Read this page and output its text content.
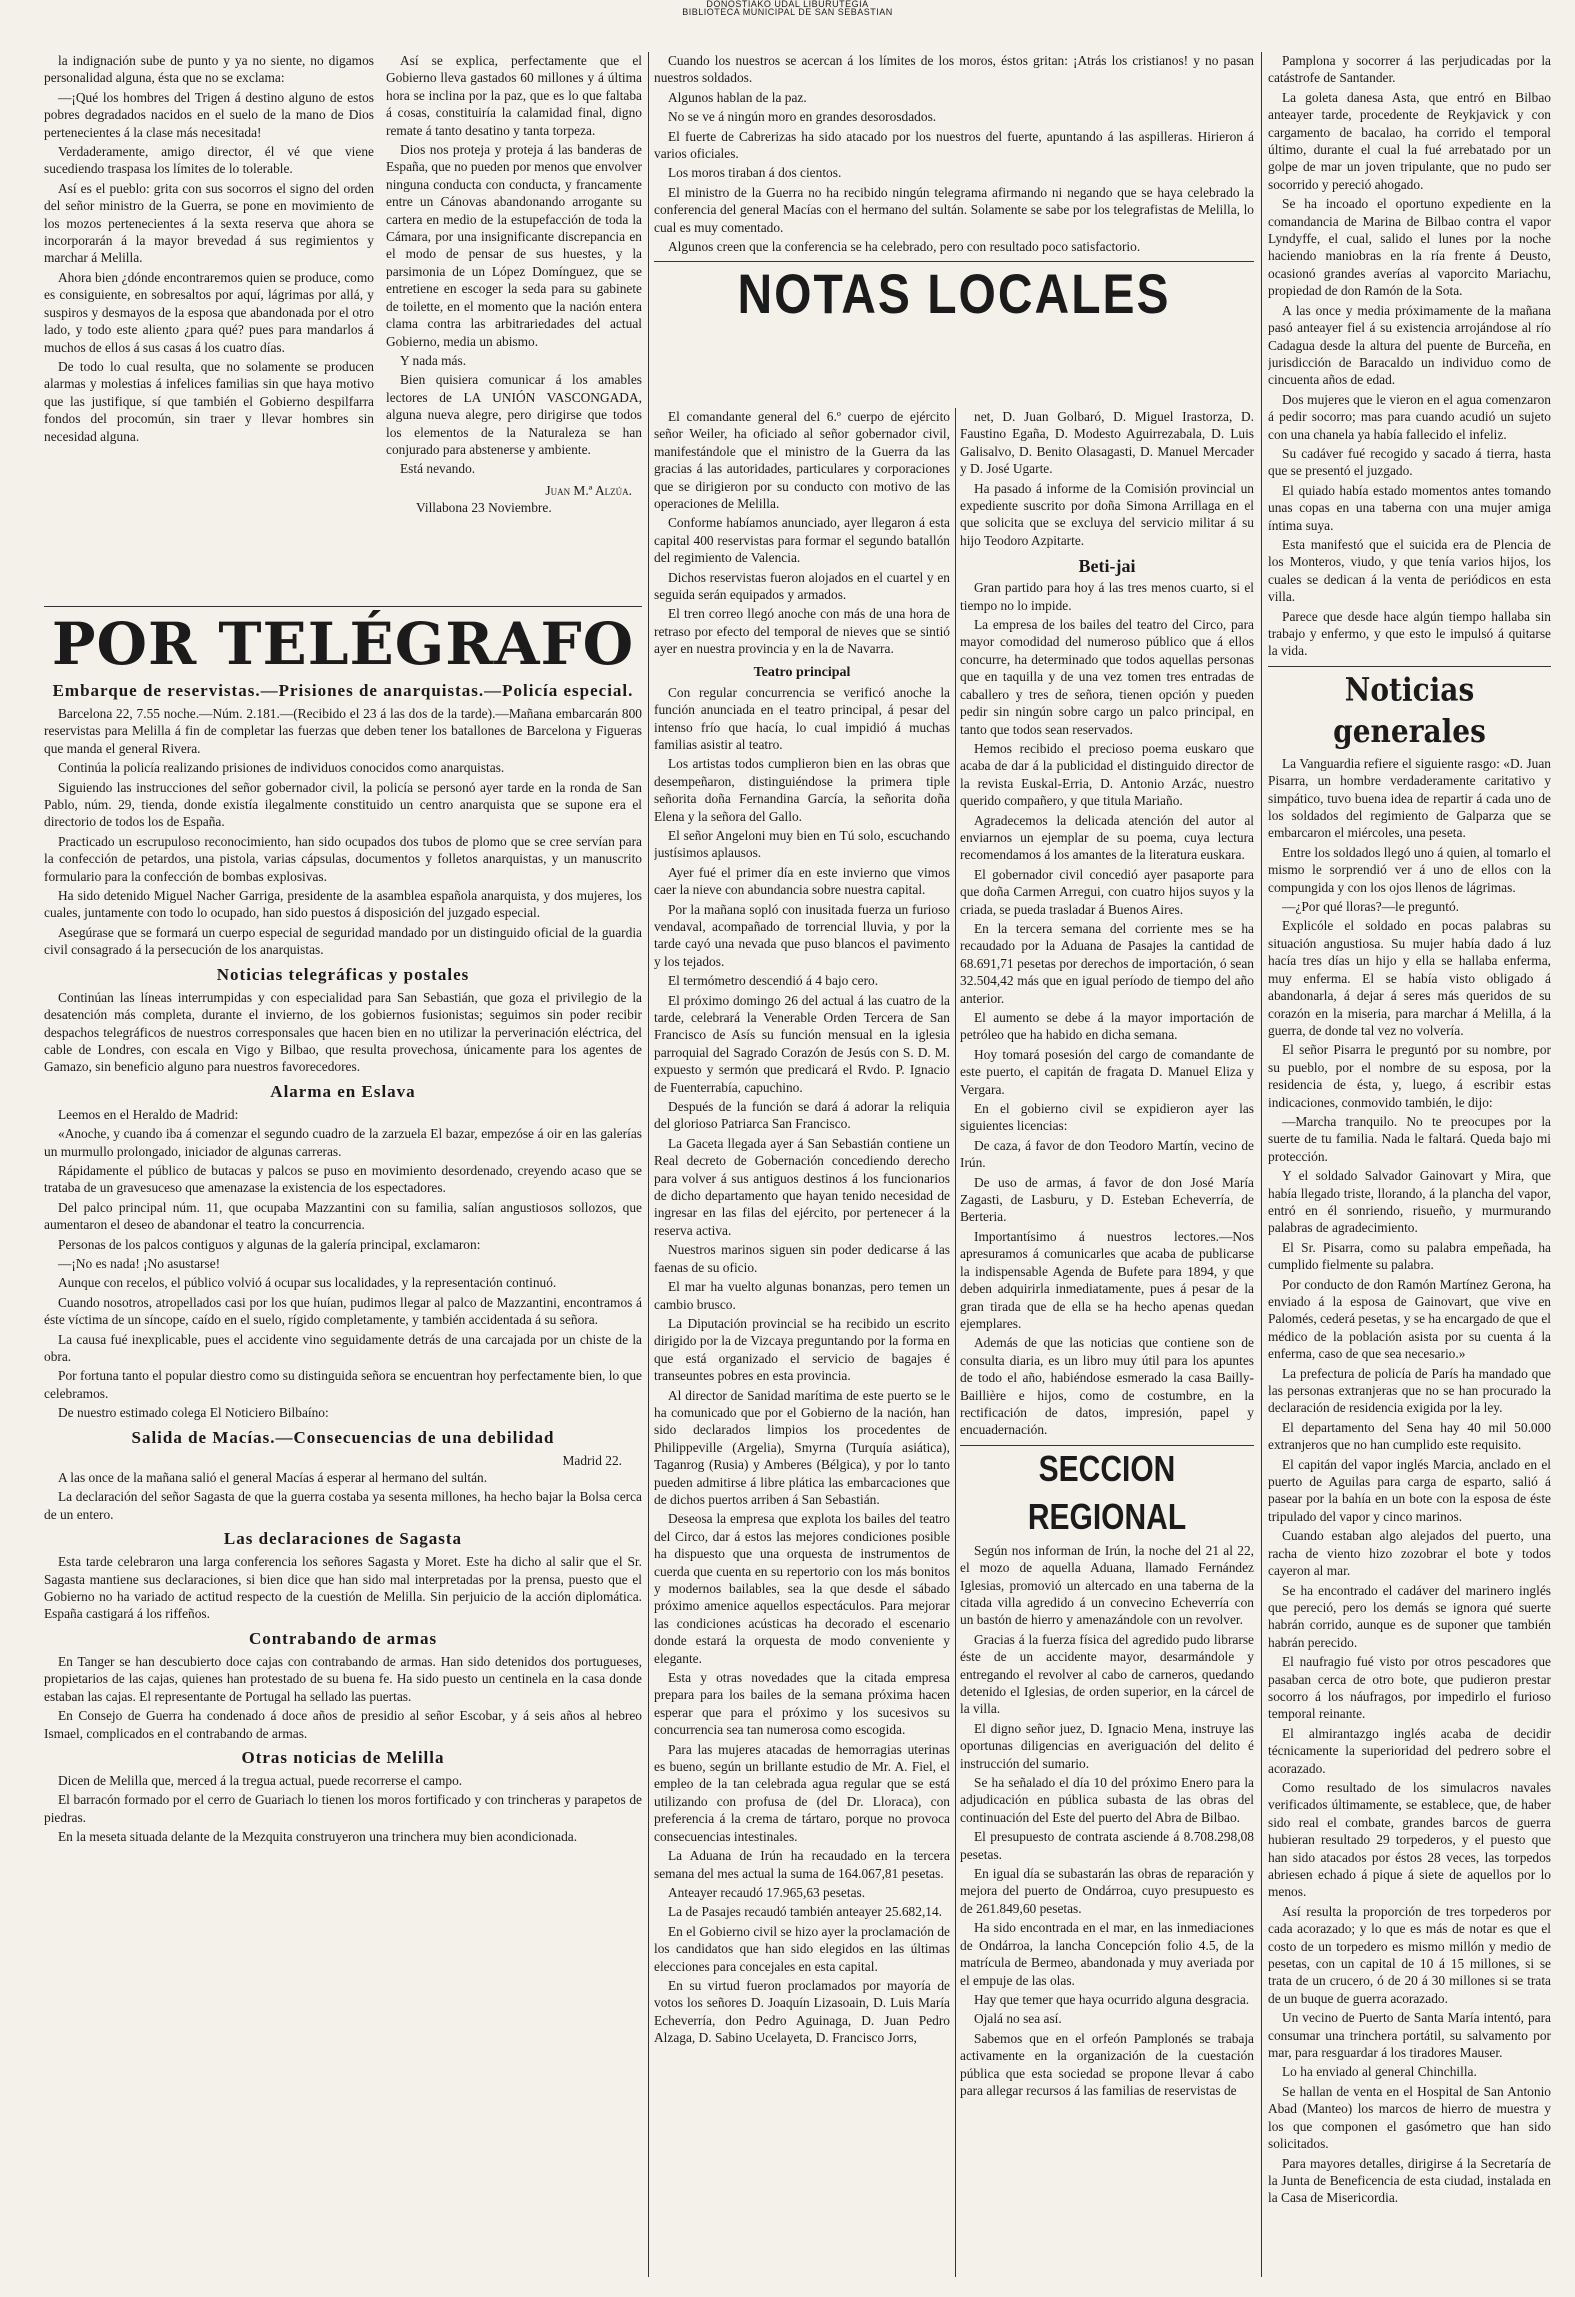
DONOSTIAKO UDAL LIBURUTEGIA
BIBLIOTECA MUNICIPAL DE SAN SEBASTIAN

la indignación sube de punto y ya no siente, no digamos personalidad alguna, ésta que no se exclama:

—¡Qué los hombres del Trigen á destino alguno de estos pobres degradados nacidos en el suelo de la mano de Dios pertenecientes á la clase más necesitada!

Verdaderamente, amigo director, él vé que viene sucediendo traspasa los límites de lo tolerable.

Así es el pueblo: grita con sus socorros el signo del orden del señor ministro de la Guerra, se pone en movimiento de los mozos pertenecientes á la sexta reserva que ahora se incorporarán á la mayor brevedad á sus regimientos y marchar á Melilla.

Ahora bien ¿dónde encontraremos quien se produce, como es consiguiente, en sobresaltos por aquí, lágrimas por allá, y suspiros y desmayos de la esposa que abandonada por el otro lado, y todo este aliento ¿para qué? pues para mandarlos á muchos de ellos á sus casas á los cuatro días.

De todo lo cual resulta, que no solamente se producen alarmas y molestias á infelices familias sin que haya motivo que las justifique, sí que también el Gobierno despilfarra fondos del procomún, sin traer y llevar hombres sin necesidad alguna.

Así se explica, perfectamente que el Gobierno lleva gastados 60 millones y á última hora se inclina por la paz, que es lo que faltaba á cosas, constituiría la calamidad final, digno remate á tanto desatino y tanta torpeza.

Dios nos proteja y proteja á las banderas de España, que no pueden por menos que envolver ninguna conducta con conducta, y francamente entre un Cánovas abandonando arrogante su cartera en medio de la estupefacción de toda la Cámara, por una insignificante discrepancia en el modo de pensar de sus huestes, y la parsimonia de un López Domínguez, que se entretiene en escoger la seda para su gabinete de toilette, en el momento que la nación entera clama contra las arbitrariedades del actual Gobierno, media un abismo.

Y nada más.

Bien quisiera comunicar á los amables lectores de LA UNIÓN VASCONGADA, alguna nueva alegre, pero dirigirse que todos los elementos de la Naturaleza se han conjurado para abstenerse y ambiente.

Está nevando.

Juan M.ª Alzúa.
Villabona 23 Noviembre.
POR TELÉGRAFO
Embarque de reservistas.—Prisiones de anarquistas.—Policía especial.

Barcelona 22, 7.55 noche.—Núm. 2.181.—(Recibido el 23 á las dos de la tarde).—Mañana embarcarán 800 reservistas para Melilla á fin de completar las fuerzas que deben tener los batallones de Barcelona y Figueras que manda el general Rivera.

Continúa la policía realizando prisiones de individuos conocidos como anarquistas.

Siguiendo las instrucciones del señor gobernador civil, la policía se personó ayer tarde en la ronda de San Pablo, núm. 29, tienda, donde existía ilegalmente constituido un centro anarquista que se supone era el directorio de todos los de España.

Practicado un escrupuloso reconocimiento, han sido ocupados dos tubos de plomo que se cree servían para la confección de petardos, una pistola, varias cápsulas, documentos y folletos anarquistas, y un manuscrito formulario para la confección de bombas explosivas.

Ha sido detenido Miguel Nacher Garriga, presidente de la asamblea española anarquista, y dos mujeres, los cuales, juntamente con todo lo ocupado, han sido puestos á disposición del juzgado especial.

Asegúrase que se formará un cuerpo especial de seguridad mandado por un distinguido oficial de la guardia civil consagrado á la persecución de los anarquistas.

Noticias telegráficas y postales

Continúan las líneas interrumpidas y con especialidad para San Sebastián, que goza el privilegio de la desatención más completa, durante el invierno, de los gobiernos fusionistas; seguimos sin poder recibir despachos telegráficos de nuestros corresponsales que hacen bien en no utilizar la perverinación eléctrica, del cable de Londres, con escala en Vigo y Bilbao, que resulta provechosa, únicamente para los agentes de Gamazo, sin beneficio alguno para nuestros favorecedores.

Alarma en Eslava

Leemos en el Heraldo de Madrid:

«Anoche, y cuando iba á comenzar el segundo cuadro de la zarzuela El bazar, empezóse á oir en las galerías un murmullo prolongado, iniciador de algunas carreras.

Rápidamente el público de butacas y palcos se puso en movimiento desordenado, creyendo acaso que se trataba de un gravesuceso que amenazase la existencia de los espectadores.

Del palco principal núm. 11, que ocupaba Mazzantini con su familia, salían angustiosos sollozos, que aumentaron el deseo de abandonar el teatro la concurrencia.

Personas de los palcos contiguos y algunas de la galería principal, exclamaron:

—¡No es nada! ¡No asustarse!

Aunque con recelos, el público volvió á ocupar sus localidades, y la representación continuó.

Cuando nosotros, atropellados casi por los que huían, pudimos llegar al palco de Mazzantini, encontramos á éste víctima de un síncope, caído en el suelo, rígido completamente, y también accidentada á su señora.

La causa fué inexplicable, pues el accidente vino seguidamente detrás de una carcajada por un chiste de la obra.

Por fortuna tanto el popular diestro como su distinguida señora se encuentran hoy perfectamente bien, lo que celebramos.

De nuestro estimado colega El Noticiero Bilbaíno:

Salida de Macías.—Consecuencias de una debilidad
Madrid 22.

A las once de la mañana salió el general Macías á esperar al hermano del sultán.

La declaración del señor Sagasta de que la guerra costaba ya sesenta millones, ha hecho bajar la Bolsa cerca de un entero.

Las declaraciones de Sagasta

Esta tarde celebraron una larga conferencia los señores Sagasta y Moret. Este ha dicho al salir que el Sr. Sagasta mantiene sus declaraciones, si bien dice que han sido mal interpretadas por la prensa, puesto que el Gobierno no ha variado de actitud respecto de la cuestión de Melilla. Sin perjuicio de la acción diplomática. España castigará á los riffeños.

Contrabando de armas

En Tanger se han descubierto doce cajas con contrabando de armas. Han sido detenidos dos portugueses, propietarios de las cajas, quienes han protestado de su buena fe. Ha sido puesto un centinela en la casa donde estaban las cajas. El representante de Portugal ha sellado las puertas.

En Consejo de Guerra ha condenado á doce años de presidio al señor Escobar, y á seis años al hebreo Ismael, complicados en el contrabando de armas.

Otras noticias de Melilla

Dicen de Melilla que, merced á la tregua actual, puede recorrerse el campo.

El barracón formado por el cerro de Guariach lo tienen los moros fortificado y con trincheras y parapetos de piedras.

En la meseta situada delante de la Mezquita construyeron una trinchera muy bien acondicionada.

Cuando los nuestros se acercan á los límites de los moros, éstos gritan: ¡Atrás los cristianos! y no pasan nuestros soldados.

Algunos hablan de la paz.

No se ve á ningún moro en grandes desorosdados.

El fuerte de Cabrerizas ha sido atacado por los nuestros del fuerte, apuntando á las aspilleras. Hirieron á varios oficiales.

Los moros tiraban á dos cientos.

El ministro de la Guerra no ha recibido ningún telegrama afirmando ni negando que se haya celebrado la conferencia del general Macías con el hermano del sultán. Solamente se sabe por los telegrafistas de Melilla, lo cual es muy comentado.

Algunos creen que la conferencia se ha celebrado, pero con resultado poco satisfactorio.

NOTAS LOCALES

El comandante general del 6.º cuerpo de ejército señor Weiler, ha oficiado al señor gobernador civil, manifestándole que el ministro de la Guerra da las gracias á las autoridades, particulares y corporaciones que se dirigieron por su conducto con motivo de las operaciones de Melilla.

Conforme habíamos anunciado, ayer llegaron á esta capital 400 reservistas para formar el segundo batallón del regimiento de Valencia.

Dichos reservistas fueron alojados en el cuartel y en seguida serán equipados y armados.

El tren correo llegó anoche con más de una hora de retraso por efecto del temporal de nieves que se sintió ayer en nuestra provincia y en la de Navarra.

Teatro principal

Con regular concurrencia se verificó anoche la función anunciada en el teatro principal, á pesar del intenso frío que hacía, lo cual impidió á muchas familias asistir al teatro.

Los artistas todos cumplieron bien en las obras que desempeñaron, distinguiéndose la primera tiple señorita doña Fernandina García, la señorita doña Elena y la señora del Gallo.

El señor Angeloni muy bien en Tú solo, escuchando justísimos aplausos.

Ayer fué el primer día en este invierno que vimos caer la nieve con abundancia sobre nuestra capital.

Por la mañana sopló con inusitada fuerza un furioso vendaval, acompañado de torrencial lluvia, y por la tarde cayó una nevada que puso blancos el pavimento y los tejados.

El termómetro descendió á 4 bajo cero.

El próximo domingo 26 del actual á las cuatro de la tarde, celebrará la Venerable Orden Tercera de San Francisco de Asís su función mensual en la iglesia parroquial del Sagrado Corazón de Jesús con S. D. M. expuesto y sermón que predicará el Rvdo. P. Ignacio de Fuenterrabía, capuchino.

Después de la función se dará á adorar la reliquia del glorioso Patriarca San Francisco.

La Gaceta llegada ayer á San Sebastián contiene un Real decreto de Gobernación concediendo derecho para volver á sus antiguos destinos á los funcionarios de dicho departamento que hayan tenido necesidad de ingresar en las filas del ejército, por pertenecer á la reserva activa.

Nuestros marinos siguen sin poder dedicarse á las faenas de su oficio.

El mar ha vuelto algunas bonanzas, pero temen un cambio brusco.

La Diputación provincial se ha recibido un escrito dirigido por la de Vizcaya preguntando por la forma en que está organizado el servicio de bagajes é transeuntes pobres en esta provincia.

Al director de Sanidad marítima de este puerto se le ha comunicado que por el Gobierno de la nación, han sido declarados limpios los procedentes de Philippeville (Argelia), Smyrna (Turquía asiática), Taganrog (Rusia) y Amberes (Bélgica), y por lo tanto pueden admitirse á libre plática las embarcaciones que de dichos puertos arriben á San Sebastián.

Deseosa la empresa que explota los bailes del teatro del Circo, dar á estos las mejores condiciones posible ha dispuesto que una orquesta de instrumentos de cuerda que cuenta en su repertorio con los más bonitos y modernos bailables, sea la que desde el sábado próximo amenice aquellos espectáculos. Para mejorar las condiciones acústicas ha decorado el escenario donde estará la orquesta de modo conveniente y elegante.

Esta y otras novedades que la citada empresa prepara para los bailes de la semana próxima hacen esperar que para el próximo y los sucesivos su concurrencia sea tan numerosa como escogida.

Para las mujeres atacadas de hemorragias uterinas es bueno, según un brillante estudio de Mr. A. Fiel, el empleo de la tan celebrada agua regular que se está utilizando con profusa de (del Dr. Lloraca), con preferencia á la crema de tártaro, porque no provoca consecuencias intestinales.

La Aduana de Irún ha recaudado en la tercera semana del mes actual la suma de 164.067,81 pesetas.

Anteayer recaudó 17.965,63 pesetas.

La de Pasajes recaudó también anteayer 25.682,14.

En el Gobierno civil se hizo ayer la proclamación de los candidatos que han sido elegidos en las últimas elecciones para concejales en esta capital.

En su virtud fueron proclamados por mayoría de votos los señores D. Joaquín Lizasoain, D. Luis María Echeverría, don Pedro Aguinaga, D. Juan Pedro Alzaga, D. Sabino Ucelayeta, D. Francisco Jorrs,

net, D. Juan Golbaró, D. Miguel Irastorza, D. Faustino Egaña, D. Modesto Aguirrezabala, D. Luis Galisalvo, D. Benito Olasagasti, D. Manuel Mercader y D. José Ugarte.

Ha pasado á informe de la Comisión provincial un expediente suscrito por doña Simona Arrillaga en el que solicita que se excluya del servicio militar á su hijo Teodoro Azpitarte.

Beti-jai

Gran partido para hoy á las tres menos cuarto, si el tiempo no lo impide.

La empresa de los bailes del teatro del Circo, para mayor comodidad del numeroso público que á ellos concurre, ha determinado que todos aquellas personas que en taquilla y de una vez tomen tres entradas de caballero y tres de señora, tienen opción y pueden pedir sin ningún sobre cargo un palco principal, en tanto que todos sean reservados.

Hemos recibido el precioso poema euskaro que acaba de dar á la publicidad el distinguido director de la revista Euskal-Erria, D. Antonio Arzác, nuestro querido compañero, y que titula Mariaño.

Agradecemos la delicada atención del autor al enviarnos un ejemplar de su poema, cuya lectura recomendamos á los amantes de la literatura euskara.

El gobernador civil concedió ayer pasaporte para que doña Carmen Arregui, con cuatro hijos suyos y la criada, se pueda trasladar á Buenos Aires.

En la tercera semana del corriente mes se ha recaudado por la Aduana de Pasajes la cantidad de 68.691,71 pesetas por derechos de importación, ó sean 32.504,42 más que en igual período de tiempo del año anterior.

El aumento se debe á la mayor importación de petróleo que ha habido en dicha semana.

Hoy tomará posesión del cargo de comandante de este puerto, el capitán de fragata D. Manuel Eliza y Vergara.

En el gobierno civil se expidieron ayer las siguientes licencias:

De caza, á favor de don Teodoro Martín, vecino de Irún.

De uso de armas, á favor de don José María Zagasti, de Lasburu, y D. Esteban Echeverría, de Berteria.

Importantísimo á nuestros lectores.—Nos apresuramos á comunicarles que acaba de publicarse la indispensable Agenda de Bufete para 1894, y que deben adquirirla inmediatamente, pues á pesar de la gran tirada que de ella se ha hecho apenas quedan ejemplares.

Además de que las noticias que contiene son de consulta diaria, es un libro muy útil para los apuntes de todo el año, habiéndose esmerado la casa Bailly-Baillière e hijos, como de costumbre, en la rectificación de datos, impresión, papel y encuadernación.

SECCION REGIONAL

Según nos informan de Irún, la noche del 21 al 22, el mozo de aquella Aduana, llamado Fernández Iglesias, promovió un altercado en una taberna de la citada villa agredido á un convecino Echeverría con un bastón de hierro y amenazándole con un revolver.

Gracias á la fuerza física del agredido pudo librarse éste de un accidente mayor, desarmándole y entregando el revolver al cabo de carneros, quedando detenido el Iglesias, de orden superior, en la cárcel de la villa.

El digno señor juez, D. Ignacio Mena, instruye las oportunas diligencias en averiguación del delito é instrucción del sumario.

Se ha señalado el día 10 del próximo Enero para la adjudicación en pública subasta de las obras del continuación del Este del puerto del Abra de Bilbao.

El presupuesto de contrata asciende á 8.708.298,08 pesetas.

En igual día se subastarán las obras de reparación y mejora del puerto de Ondárroa, cuyo presupuesto es de 261.849,60 pesetas.

Ha sido encontrada en el mar, en las inmediaciones de Ondárroa, la lancha Concepción folio 4.5, de la matrícula de Bermeo, abandonada y muy averiada por el empuje de las olas.

Hay que temer que haya ocurrido alguna desgracia.

Ojalá no sea así.

Sabemos que en el orfeón Pamplonés se trabaja activamente en la organización de la cuestación pública que esta sociedad se propone llevar á cabo para allegar recursos á las familias de reservistas de

Pamplona y socorrer á las perjudicadas por la catástrofe de Santander.

La goleta danesa Asta, que entró en Bilbao anteayer tarde, procedente de Reykjavick y con cargamento de bacalao, ha corrido el temporal último, durante el cual la fué arrebatado por un golpe de mar un joven tripulante, que no pudo ser socorrido y pereció ahogado.

Se ha incoado el oportuno expediente en la comandancia de Marina de Bilbao contra el vapor Lyndyffe, el cual, salido el lunes por la noche haciendo maniobras en la ría frente á Deusto, ocasionó grandes averías al vaporcito Mariachu, propiedad de don Ramón de la Sota.

A las once y media próximamente de la mañana pasó anteayer fiel á su existencia arrojándose al río Cadagua desde la altura del puente de Burceña, en jurisdicción de Baracaldo un individuo como de cincuenta años de edad.

Dos mujeres que le vieron en el agua comenzaron á pedir socorro; mas para cuando acudió un sujeto con una chanela ya había fallecido el infeliz.

Su cadáver fué recogido y sacado á tierra, hasta que se presentó el juzgado.

El quiado había estado momentos antes tomando unas copas en una taberna con una mujer amiga íntima suya.

Esta manifestó que el suicida era de Plencia de los Monteros, viudo, y que tenía varios hijos, los cuales se dedican á la venta de periódicos en esta villa.

Parece que desde hace algún tiempo hallaba sin trabajo y enfermo, y que esto le impulsó á quitarse la vida.

Noticias generales

La Vanguardia refiere el siguiente rasgo: «D. Juan Pisarra, un hombre verdaderamente caritativo y simpático, tuvo buena idea de repartir á cada uno de los soldados del regimiento de Galparza que se embarcaron el miércoles, una peseta.

Entre los soldados llegó uno á quien, al tomarlo el mismo le sorprendió ver á uno de ellos con la compungida y con los ojos llenos de lágrimas.

—¿Por qué lloras?—le preguntó.

Explicóle el soldado en pocas palabras su situación angustiosa. Su mujer había dado á luz hacía tres días un hijo y ella se hallaba enferma, muy enferma. El se había visto obligado á abandonarla, á dejar á seres más queridos de su corazón en la miseria, para marchar á Melilla, á la guerra, de donde tal vez no volvería.

El señor Pisarra le preguntó por su nombre, por su pueblo, por el nombre de su esposa, por la residencia de ésta, y, luego, á escribir estas indicaciones, conmovido también, le dijo:

—Marcha tranquilo. No te preocupes por la suerte de tu familia. Nada le faltará. Queda bajo mi protección.

Y el soldado Salvador Gainovart y Mira, que había llegado triste, llorando, á la plancha del vapor, entró en él sonriendo, risueño, y murmurando palabras de agradecimiento.

El Sr. Pisarra, como su palabra empeñada, ha cumplido fielmente su palabra.

Por conducto de don Ramón Martínez Gerona, ha enviado á la esposa de Gainovart, que vive en Palomés, cederá pesetas, y se ha encargado de que el médico de la población asista por su cuenta á la enferma, caso de que sea necesario.»

La prefectura de policía de París ha mandado que las personas extranjeras que no se han procurado la declaración de residencia exigida por la ley.

El departamento del Sena hay 40 mil 50.000 extranjeros que no han cumplido este requisito.

El capitán del vapor inglés Marcia, anclado en el puerto de Aguilas para carga de esparto, salió á pasear por la bahía en un bote con la esposa de éste tripulado del vapor y cinco marinos.

Cuando estaban algo alejados del puerto, una racha de viento hizo zozobrar el bote y todos cayeron al mar.

Se ha encontrado el cadáver del marinero inglés que pereció, pero los demás se ignora qué suerte habrán corrido, aunque es de suponer que también habrán perecido.

El naufragio fué visto por otros pescadores que pasaban cerca de otro bote, que pudieron prestar socorro á los náufragos, por impedirlo el furioso temporal reinante.

El almirantazgo inglés acaba de decidir técnicamente la superioridad del pedrero sobre el acorazado.

Como resultado de los simulacros navales verificados últimamente, se establece, que, de haber sido real el combate, grandes barcos de guerra hubieran resultado 29 torpederos, y el puesto que han sido atacados por éstos 28 veces, las torpedos abriesen echado á pique á siete de aquellos por lo menos.

Así resulta la proporción de tres torpederos por cada acorazado; y lo que es más de notar es que el costo de un torpedero es mismo millón y medio de pesetas, con un capital de 10 á 15 millones, si se trata de un crucero, ó de 20 á 30 millones si se trata de un buque de guerra acorazado.

Un vecino de Puerto de Santa María intentó, para consumar una trinchera portátil, su salvamento por mar, para resguardar á los tiradores Mauser.

Lo ha enviado al general Chinchilla.

Se hallan de venta en el Hospital de San Antonio Abad (Manteo) los marcos de hierro de muestra y los que componen el gasómetro que han sido solicitados.

Para mayores detalles, dirigirse á la Secretaría de la Junta de Beneficencia de esta ciudad, instalada en la Casa de Misericordia.
